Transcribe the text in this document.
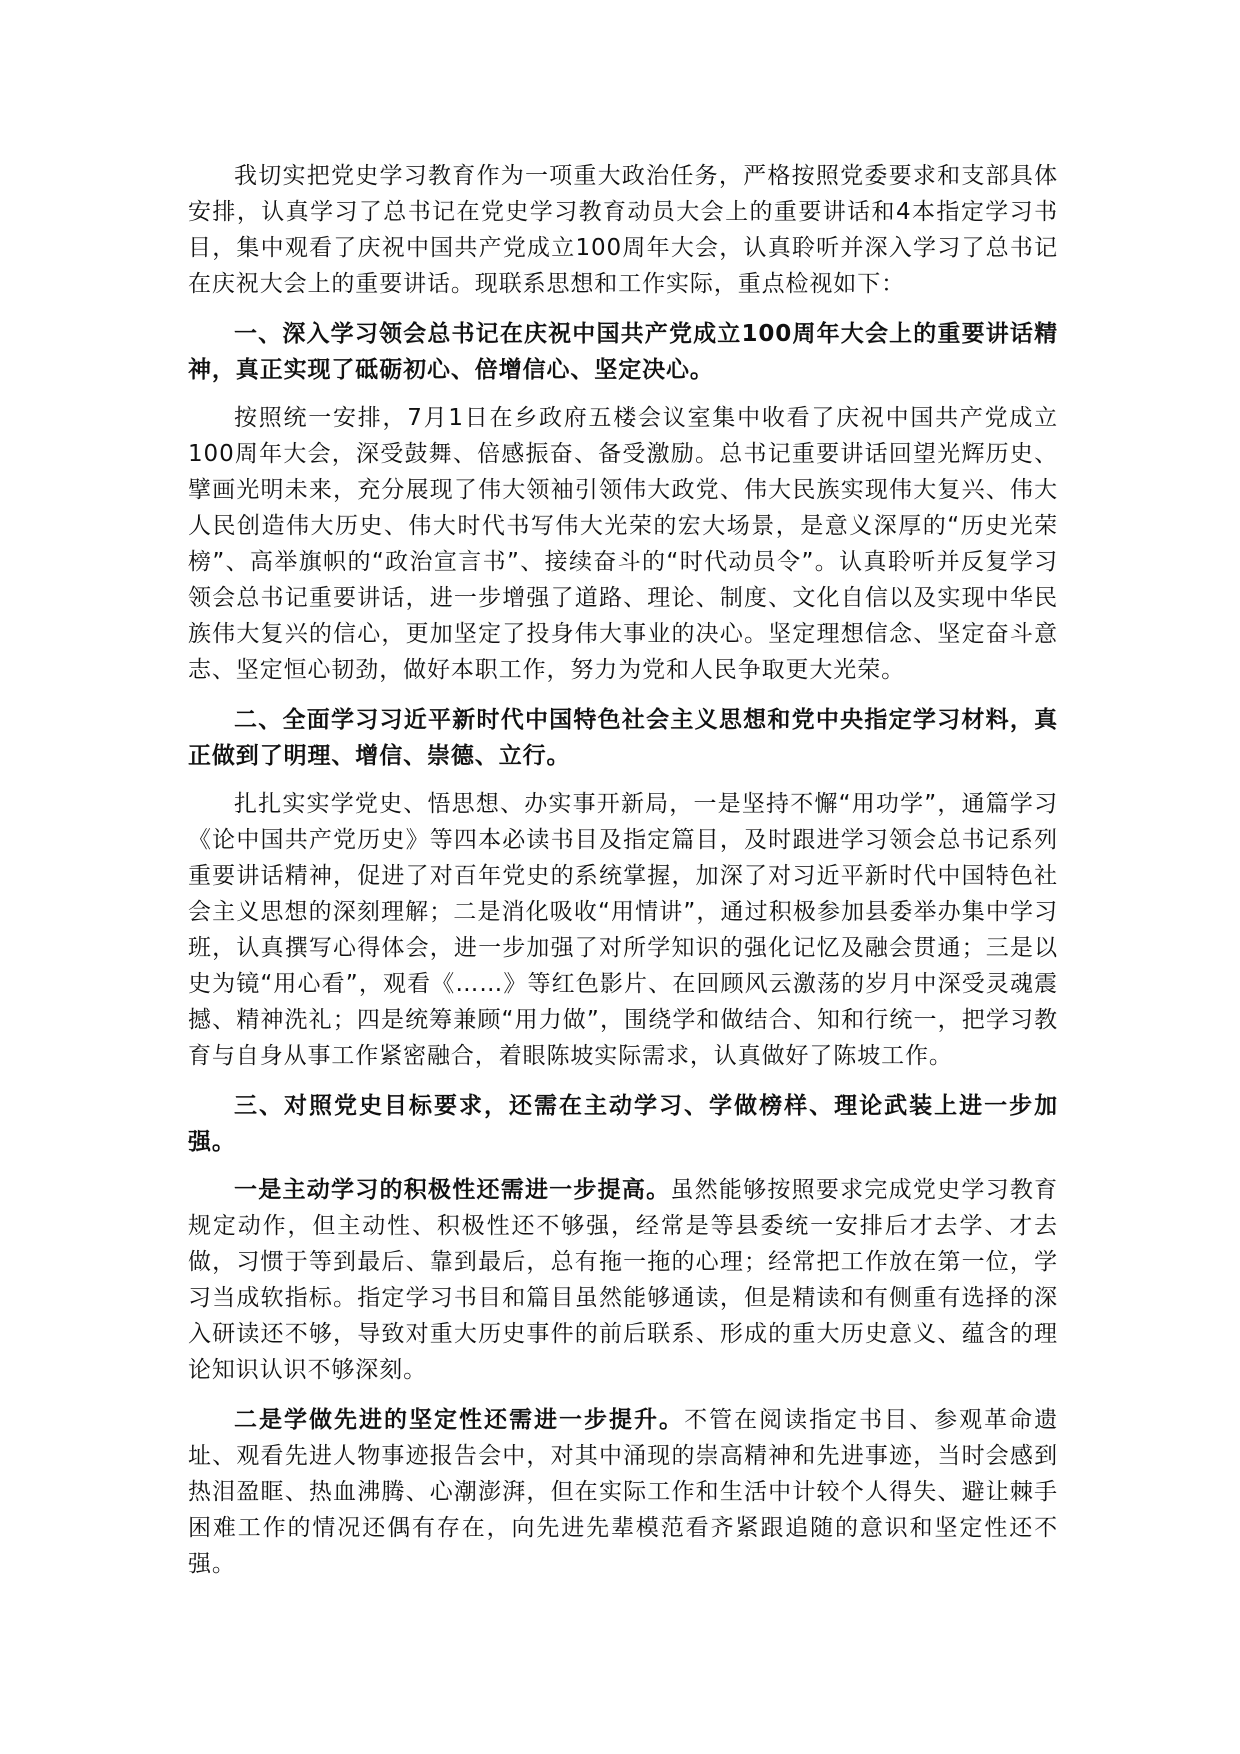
我切实把党史学习教育作为一项重大政治任务，严格按照党委要求和支部具体安排，认真学习了总书记在党史学习教育动员大会上的重要讲话和4本指定学习书目，集中观看了庆祝中国共产党成立100周年大会，认真聆听并深入学习了总书记在庆祝大会上的重要讲话。现联系思想和工作实际，重点检视如下：

一、深入学习领会总书记在庆祝中国共产党成立100周年大会上的重要讲话精神，真正实现了砥砺初心、倍增信心、坚定决心。

按照统一安排，7月1日在乡政府五楼会议室集中收看了庆祝中国共产党成立100周年大会，深受鼓舞、倍感振奋、备受激励。总书记重要讲话回望光辉历史、擘画光明未来，充分展现了伟大领袖引领伟大政党、伟大民族实现伟大复兴、伟大人民创造伟大历史、伟大时代书写伟大光荣的宏大场景，是意义深厚的“历史光荣榜”、高举旗帜的“政治宣言书”、接续奋斗的“时代动员令”。认真聆听并反复学习领会总书记重要讲话，进一步增强了道路、理论、制度、文化自信以及实现中华民族伟大复兴的信心，更加坚定了投身伟大事业的决心。坚定理想信念、坚定奋斗意志、坚定恒心韧劲，做好本职工作，努力为党和人民争取更大光荣。

二、全面学习习近平新时代中国特色社会主义思想和党中央指定学习材料，真正做到了明理、增信、崇德、立行。

扎扎实实学党史、悟思想、办实事开新局，一是坚持不懈“用功学”，通篇学习《论中国共产党历史》等四本必读书目及指定篇目，及时跟进学习领会总书记系列重要讲话精神，促进了对百年党史的系统掌握，加深了对习近平新时代中国特色社会主义思想的深刻理解；二是消化吸收“用情讲”，通过积极参加县委举办集中学习班，认真撰写心得体会，进一步加强了对所学知识的强化记忆及融会贯通；三是以史为镜“用心看”，观看《……》等红色影片、在回顾风云激荡的岁月中深受灵魂震撼、精神洗礼；四是统筹兼顾“用力做”，围绕学和做结合、知和行统一，把学习教育与自身从事工作紧密融合，着眼陈坡实际需求，认真做好了陈坡工作。

三、对照党史目标要求，还需在主动学习、学做榜样、理论武装上进一步加强。

一是主动学习的积极性还需进一步提高。虽然能够按照要求完成党史学习教育规定动作，但主动性、积极性还不够强，经常是等县委统一安排后才去学、才去做，习惯于等到最后、靠到最后，总有拖一拖的心理；经常把工作放在第一位，学习当成软指标。指定学习书目和篇目虽然能够通读，但是精读和有侧重有选择的深入研读还不够，导致对重大历史事件的前后联系、形成的重大历史意义、蕴含的理论知识认识不够深刻。

二是学做先进的坚定性还需进一步提升。不管在阅读指定书目、参观革命遗址、观看先进人物事迹报告会中，对其中涌现的崇高精神和先进事迹，当时会感到热泪盈眶、热血沸腾、心潮澎湃，但在实际工作和生活中计较个人得失、避让棘手困难工作的情况还偶有存在，向先进先辈模范看齐紧跟追随的意识和坚定性还不强。
